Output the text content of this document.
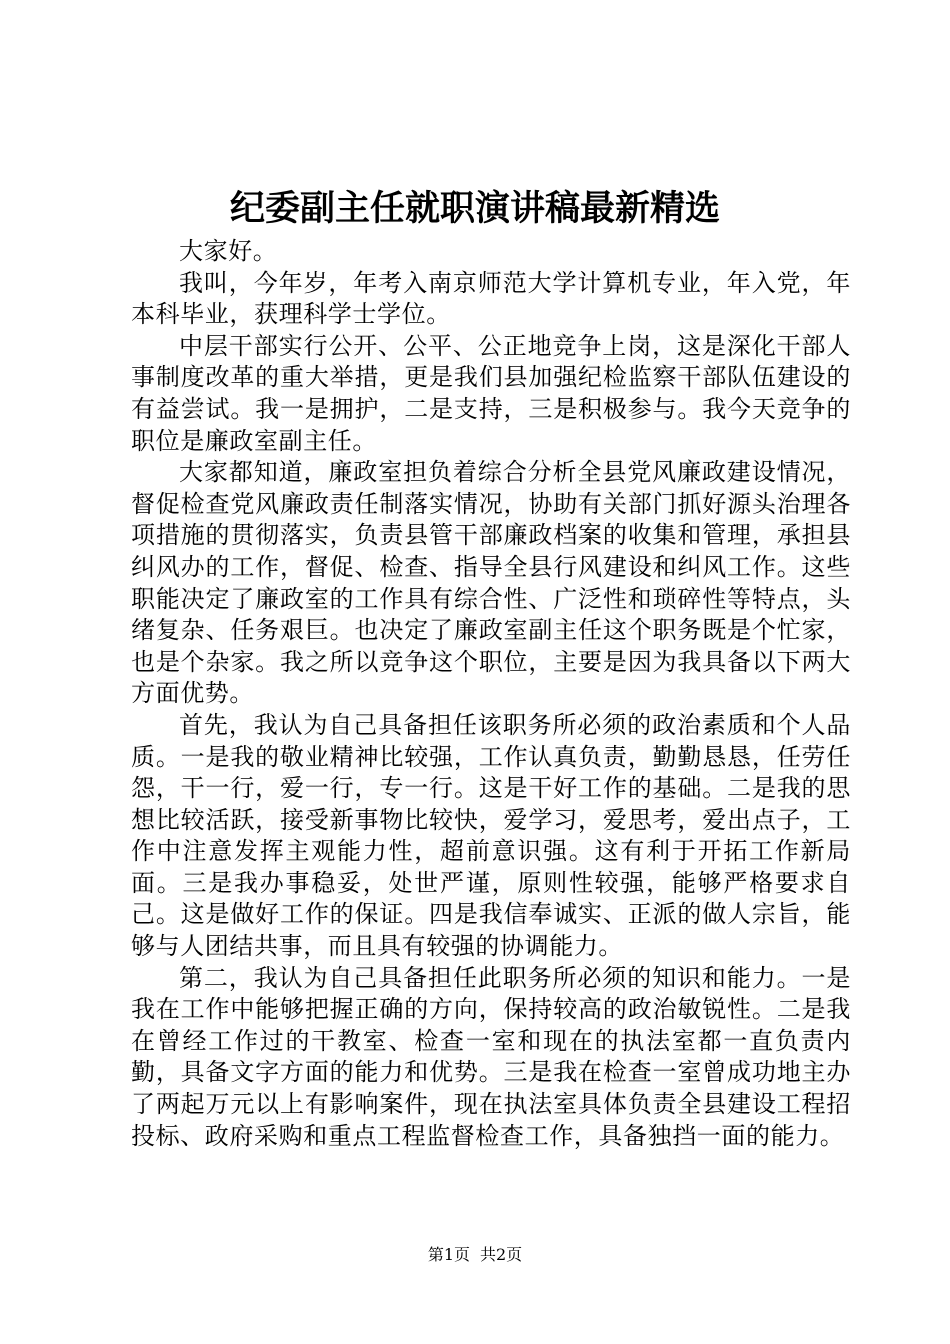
纪委副主任就职演讲稿最新精选

大家好。

我叫，今年岁，年考入南京师范大学计算机专业，年入党，年本科毕业，获理科学士学位。

中层干部实行公开、公平、公正地竞争上岗，这是深化干部人事制度改革的重大举措，更是我们县加强纪检监察干部队伍建设的有益尝试。我一是拥护，二是支持，三是积极参与。我今天竞争的职位是廉政室副主任。

大家都知道，廉政室担负着综合分析全县党风廉政建设情况，督促检查党风廉政责任制落实情况，协助有关部门抓好源头治理各项措施的贯彻落实，负责县管干部廉政档案的收集和管理，承担县纠风办的工作，督促、检查、指导全县行风建设和纠风工作。这些职能决定了廉政室的工作具有综合性、广泛性和琐碎性等特点，头绪复杂、任务艰巨。也决定了廉政室副主任这个职务既是个忙家，也是个杂家。我之所以竞争这个职位，主要是因为我具备以下两大方面优势。

首先，我认为自己具备担任该职务所必须的政治素质和个人品质。一是我的敬业精神比较强，工作认真负责，勤勤恳恳，任劳任怨，干一行，爱一行，专一行。这是干好工作的基础。二是我的思想比较活跃，接受新事物比较快，爱学习，爱思考，爱出点子，工作中注意发挥主观能力性，超前意识强。这有利于开拓工作新局面。三是我办事稳妥，处世严谨，原则性较强，能够严格要求自己。这是做好工作的保证。四是我信奉诚实、正派的做人宗旨，能够与人团结共事，而且具有较强的协调能力。

第二，我认为自己具备担任此职务所必须的知识和能力。一是我在工作中能够把握正确的方向，保持较高的政治敏锐性。二是我在曾经工作过的干教室、检查一室和现在的执法室都一直负责内勤，具备文字方面的能力和优势。三是我在检查一室曾成功地主办了两起万元以上有影响案件，现在执法室具体负责全县建设工程招投标、政府采购和重点工程监督检查工作，具备独挡一面的能力。

第1页 共2页
